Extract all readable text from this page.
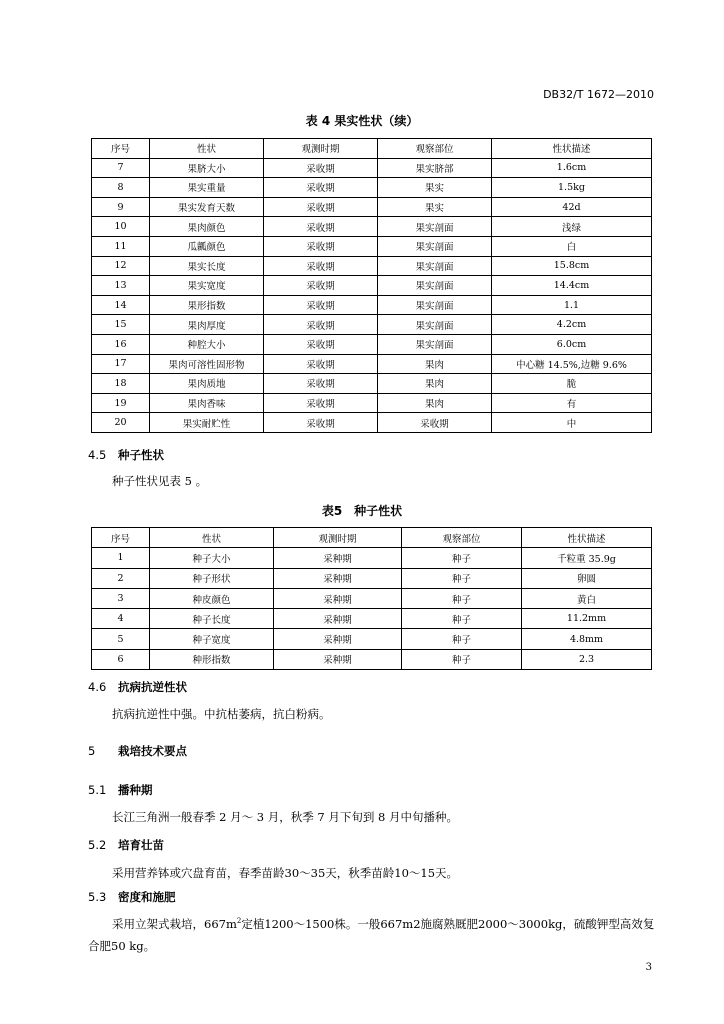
DB32/T 1672—2010
表 4 果实性状（续）
序号	性状	观测时期	观察部位	性状描述
7	果脐大小	采收期	果实脐部	1.6cm
8	果实重量	采收期	果实	1.5kg
9	果实发育天数	采收期	果实	42d
10	果肉颜色	采收期	果实剖面	浅绿
11	瓜瓤颜色	采收期	果实剖面	白
12	果实长度	采收期	果实剖面	15.8cm
13	果实宽度	采收期	果实剖面	14.4cm
14	果形指数	采收期	果实剖面	1.1
15	果肉厚度	采收期	果实剖面	4.2cm
16	种腔大小	采收期	果实剖面	6.0cm
17	果肉可溶性固形物	采收期	果肉	中心糖 14.5%,边糖 9.6%
18	果肉质地	采收期	果肉	脆
19	果肉香味	采收期	果肉	有
20	果实耐贮性	采收期	采收期	中
4.5 种子性状
种子性状见表 5 。
表5　种子性状
序号	性状	观测时期	观察部位	性状描述
1	种子大小	采种期	种子	千粒重 35.9g
2	种子形状	采种期	种子	卵圆
3	种皮颜色	采种期	种子	黄白
4	种子长度	采种期	种子	11.2mm
5	种子宽度	采种期	种子	4.8mm
6	种形指数	采种期	种子	2.3
4.6 抗病抗逆性状
抗病抗逆性中强。中抗枯萎病，抗白粉病。
5 栽培技术要点
5.1 播种期
长江三角洲一般春季 2 月～ 3 月，秋季 7 月下旬到 8 月中旬播种。
5.2 培育壮苗
采用营养钵或穴盘育苗，春季苗龄30～35天，秋季苗龄10～15天。
5.3 密度和施肥
采用立架式栽培，$667m^2$定植1200～1500株。一般667m2施腐熟厩肥2000～3000kg，硫酸钾型高效复合肥50 kg。
3
